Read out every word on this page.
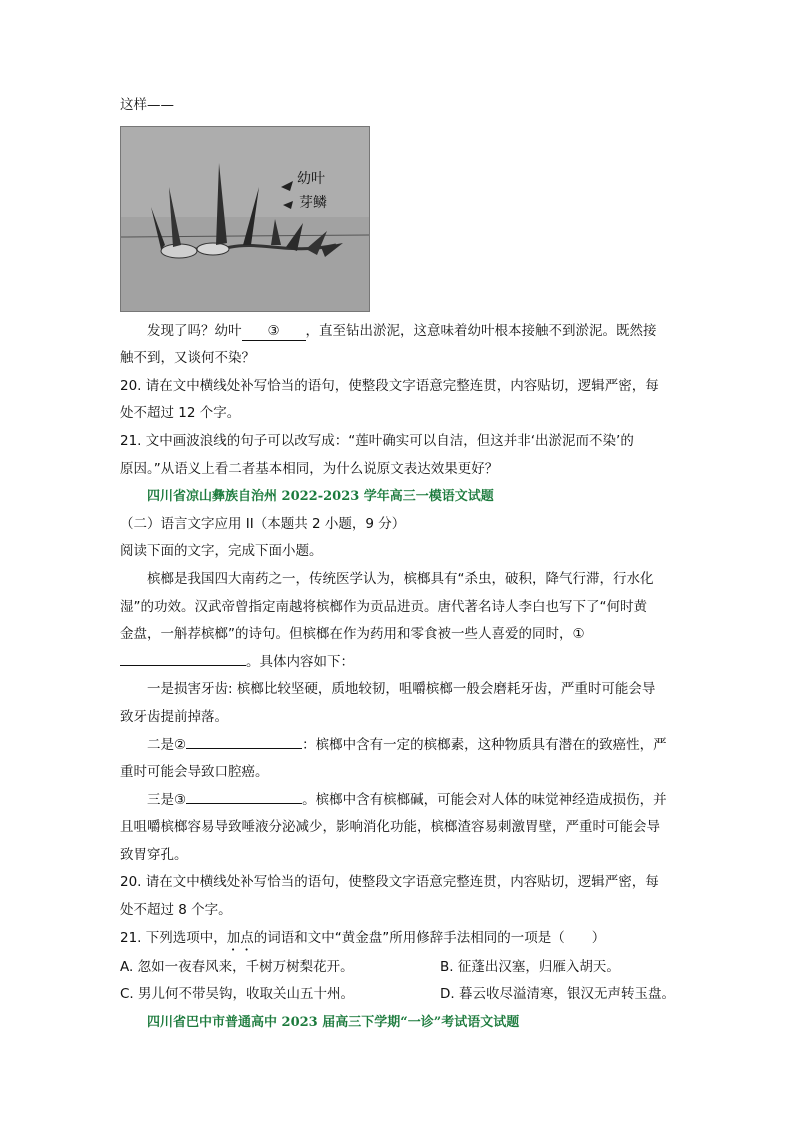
这样——
幼叶
芽鳞
发现了吗？幼叶 ③ ，直至钻出淤泥，这意味着幼叶根本接触不到淤泥。既然接
触不到，又谈何不染？
20. 请在文中横线处补写恰当的语句，使整段文字语意完整连贯，内容贴切，逻辑严密，每
处不超过 12 个字。
21. 文中画波浪线的句子可以改写成：“莲叶确实可以自洁，但这并非‘出淤泥而不染’的
原因。”从语义上看二者基本相同，为什么说原文表达效果更好？
四川省凉山彝族自治州 2022-2023 学年高三一模语文试题
（二）语言文字应用 II（本题共 2 小题，9 分）
阅读下面的文字，完成下面小题。
槟榔是我国四大南药之一，传统医学认为，槟榔具有“杀虫，破积，降气行滞，行水化
湿”的功效。汉武帝曾指定南越将槟榔作为贡品进贡。唐代著名诗人李白也写下了“何时黄
金盘，一斛荐槟榔”的诗句。但槟榔在作为药用和零食被一些人喜爱的同时，①
。具体内容如下：
一是损害牙齿: 槟榔比较坚硬，质地较韧，咀嚼槟榔一般会磨耗牙齿，严重时可能会导
致牙齿提前掉落。
二是②	：槟榔中含有一定的槟榔素，这种物质具有潜在的致癌性，严
重时可能会导致口腔癌。
三是③	。槟榔中含有槟榔碱，可能会对人体的味觉神经造成损伤，并
且咀嚼槟榔容易导致唾液分泌减少，影响消化功能，槟榔渣容易刺激胃壁，严重时可能会导
致胃穿孔。
20. 请在文中横线处补写恰当的语句，使整段文字语意完整连贯，内容贴切，逻辑严密，每
处不超过 8 个字。
21. 下列选项中，加点的词语和文中“黄金盘”所用修辞手法相同的一项是（　　）
A. 忽如一夜春风来，千树万树梨花开。	B. 征蓬出汉塞，归雁入胡天。
C. 男儿何不带吴钩，收取关山五十州。	D. 暮云收尽溢清寒，银汉无声转玉盘。
四川省巴中市普通高中 2023 届高三下学期“一诊”考试语文试题
